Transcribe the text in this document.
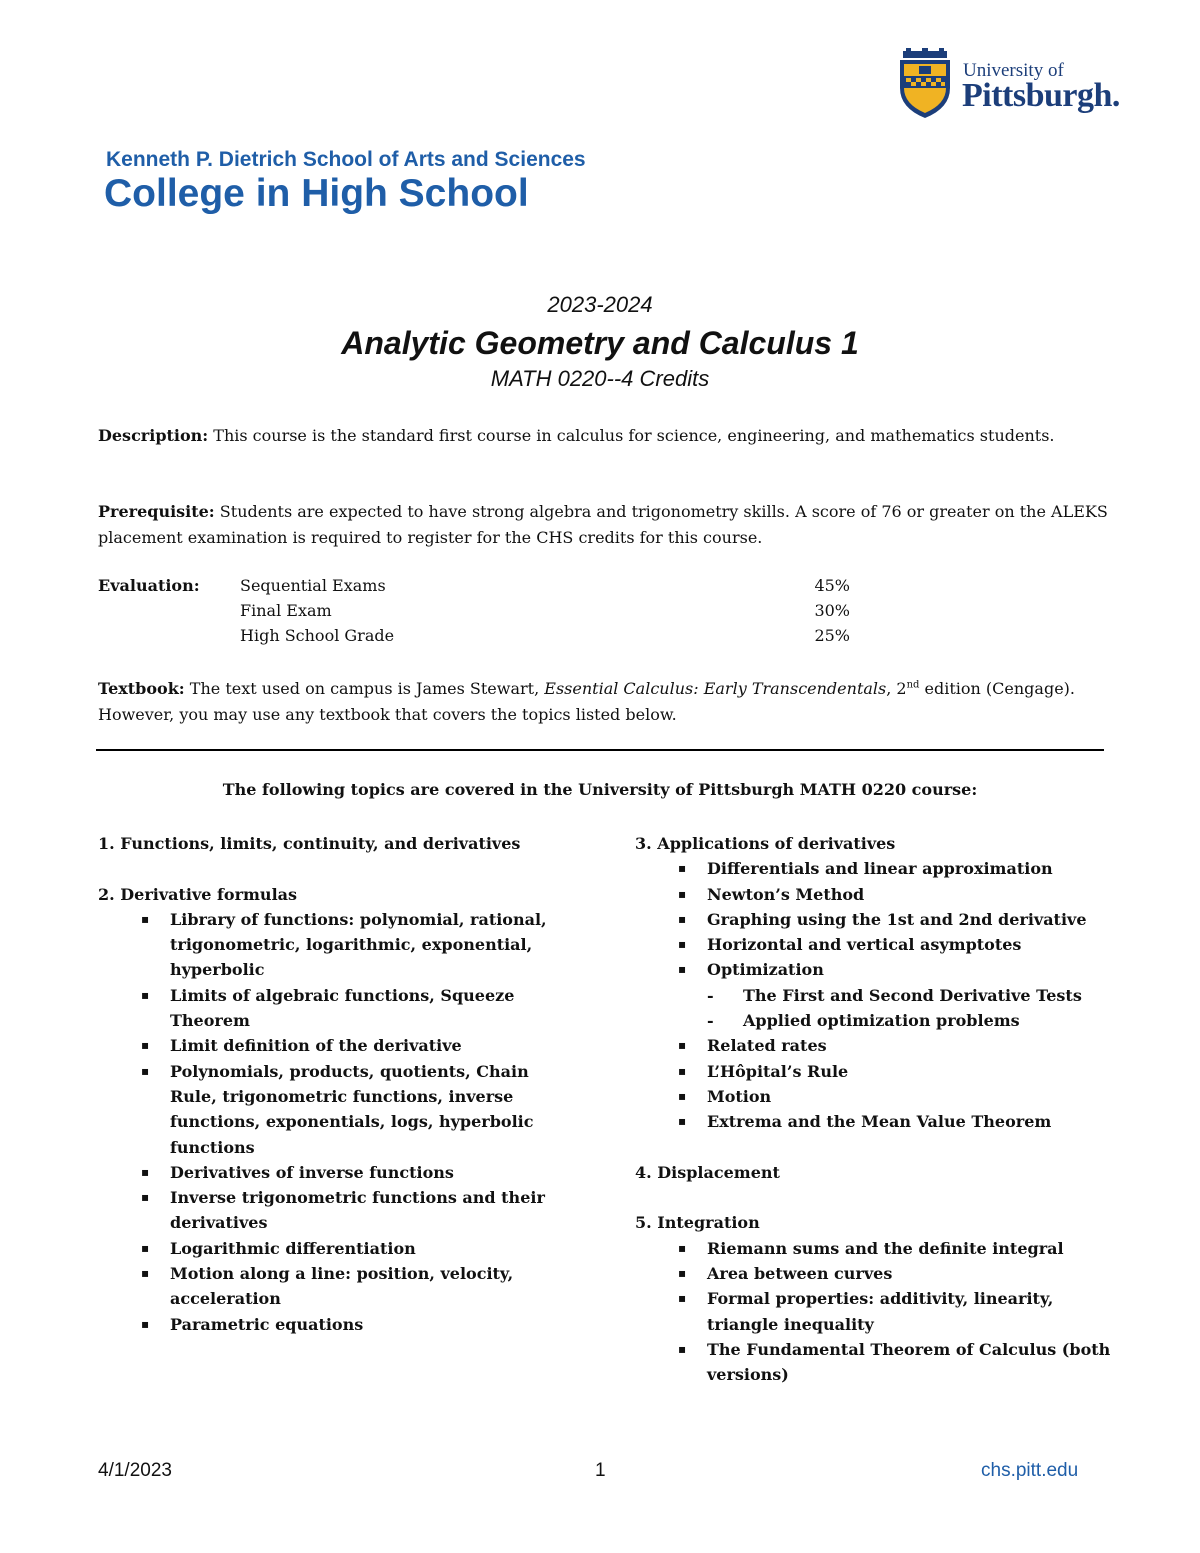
University of
Pittsburgh.
Kenneth P. Dietrich School of Arts and Sciences
College in High School
2023-2024
Analytic Geometry and Calculus 1
MATH 0220--4 Credits
Description: This course is the standard first course in calculus for science, engineering, and mathematics students.
Prerequisite: Students are expected to have strong algebra and trigonometry skills. A score of 76 or greater on the ALEKS placement examination is required to register for the CHS credits for this course.
Evaluation:	Sequential Exams	45%
Final Exam	30%
High School Grade	25%
Textbook: The text used on campus is James Stewart, Essential Calculus: Early Transcendentals, 2nd edition (Cengage). However, you may use any textbook that covers the topics listed below.
The following topics are covered in the University of Pittsburgh MATH 0220 course:
1. Functions, limits, continuity, and derivatives
2. Derivative formulas
▪ Library of functions: polynomial, rational, trigonometric, logarithmic, exponential, hyperbolic
▪ Limits of algebraic functions, Squeeze Theorem
▪ Limit definition of the derivative
▪ Polynomials, products, quotients, Chain Rule, trigonometric functions, inverse functions, exponentials, logs, hyperbolic functions
▪ Derivatives of inverse functions
▪ Inverse trigonometric functions and their derivatives
▪ Logarithmic differentiation
▪ Motion along a line: position, velocity, acceleration
▪ Parametric equations
3. Applications of derivatives
▪ Differentials and linear approximation
▪ Newton’s Method
▪ Graphing using the 1st and 2nd derivative
▪ Horizontal and vertical asymptotes
▪ Optimization
- The First and Second Derivative Tests
- Applied optimization problems
▪ Related rates
▪ L’Hôpital’s Rule
▪ Motion
▪ Extrema and the Mean Value Theorem
4. Displacement
5. Integration
▪ Riemann sums and the definite integral
▪ Area between curves
▪ Formal properties: additivity, linearity, triangle inequality
▪ The Fundamental Theorem of Calculus (both versions)
4/1/2023	1	chs.pitt.edu
